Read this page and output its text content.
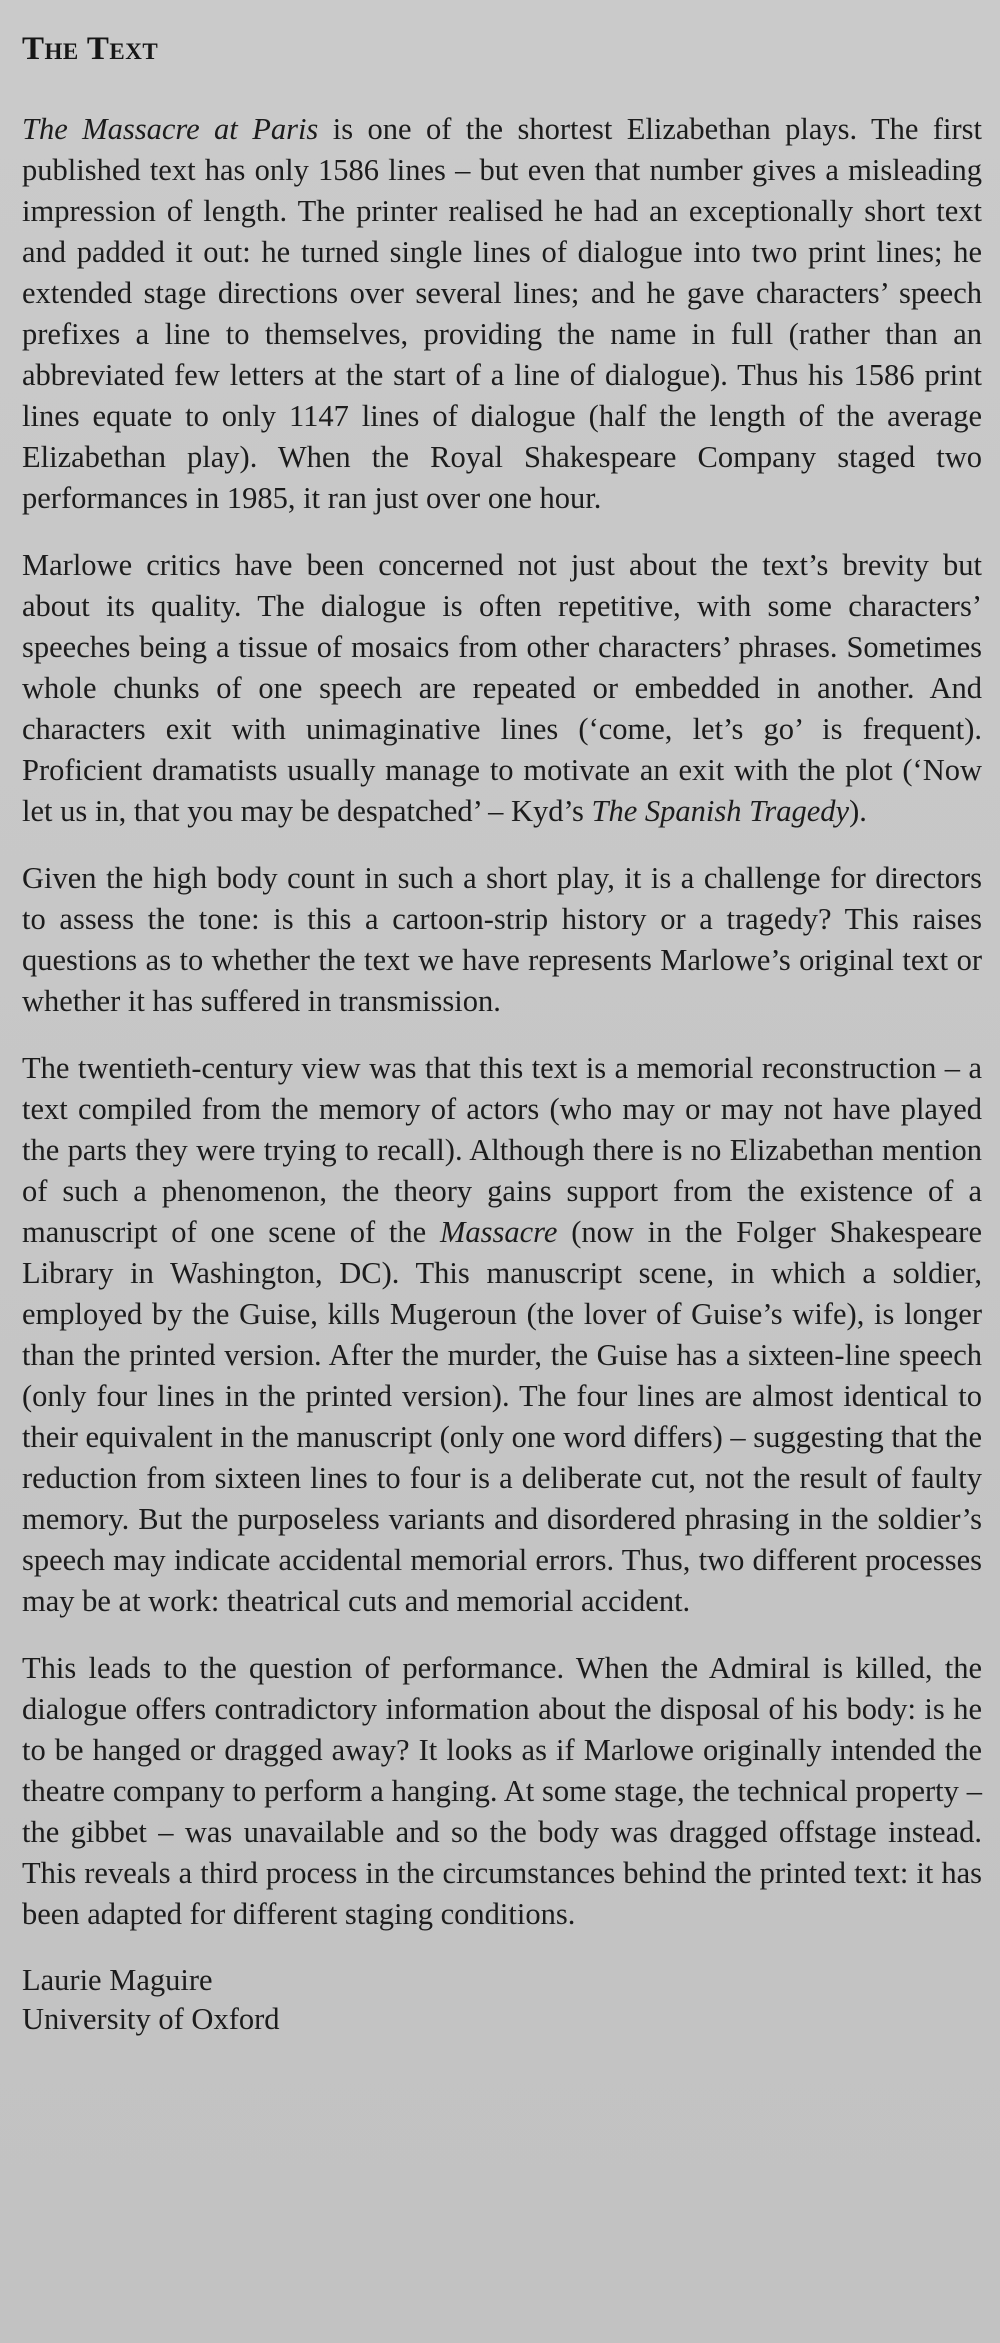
The Text

The Massacre at Paris is one of the shortest Elizabethan plays. The first published text has only 1586 lines – but even that number gives a misleading impression of length. The printer realised he had an exceptionally short text and padded it out: he turned single lines of dialogue into two print lines; he extended stage directions over several lines; and he gave characters’ speech prefixes a line to themselves, providing the name in full (rather than an abbreviated few letters at the start of a line of dialogue). Thus his 1586 print lines equate to only 1147 lines of dialogue (half the length of the average Elizabethan play). When the Royal Shakespeare Company staged two performances in 1985, it ran just over one hour.

Marlowe critics have been concerned not just about the text’s brevity but about its quality. The dialogue is often repetitive, with some characters’ speeches being a tissue of mosaics from other characters’ phrases. Sometimes whole chunks of one speech are repeated or embedded in another. And characters exit with unimaginative lines (‘come, let’s go’ is frequent). Proficient dramatists usually manage to motivate an exit with the plot (‘Now let us in, that you may be despatched’ – Kyd’s The Spanish Tragedy).

Given the high body count in such a short play, it is a challenge for directors to assess the tone: is this a cartoon-strip history or a tragedy? This raises questions as to whether the text we have represents Marlowe’s original text or whether it has suffered in transmission.

The twentieth-century view was that this text is a memorial reconstruction – a text compiled from the memory of actors (who may or may not have played the parts they were trying to recall). Although there is no Elizabethan mention of such a phenomenon, the theory gains support from the existence of a manuscript of one scene of the Massacre (now in the Folger Shakespeare Library in Washington, DC). This manuscript scene, in which a soldier, employed by the Guise, kills Mugeroun (the lover of Guise’s wife), is longer than the printed version. After the murder, the Guise has a sixteen-line speech (only four lines in the printed version). The four lines are almost identical to their equivalent in the manuscript (only one word differs) – suggesting that the reduction from sixteen lines to four is a deliberate cut, not the result of faulty memory. But the purposeless variants and disordered phrasing in the soldier’s speech may indicate accidental memorial errors. Thus, two different processes may be at work: theatrical cuts and memorial accident.

This leads to the question of performance. When the Admiral is killed, the dialogue offers contradictory information about the disposal of his body: is he to be hanged or dragged away? It looks as if Marlowe originally intended the theatre company to perform a hanging. At some stage, the technical property – the gibbet – was unavailable and so the body was dragged offstage instead. This reveals a third process in the circumstances behind the printed text: it has been adapted for different staging conditions.

Laurie Maguire
University of Oxford
